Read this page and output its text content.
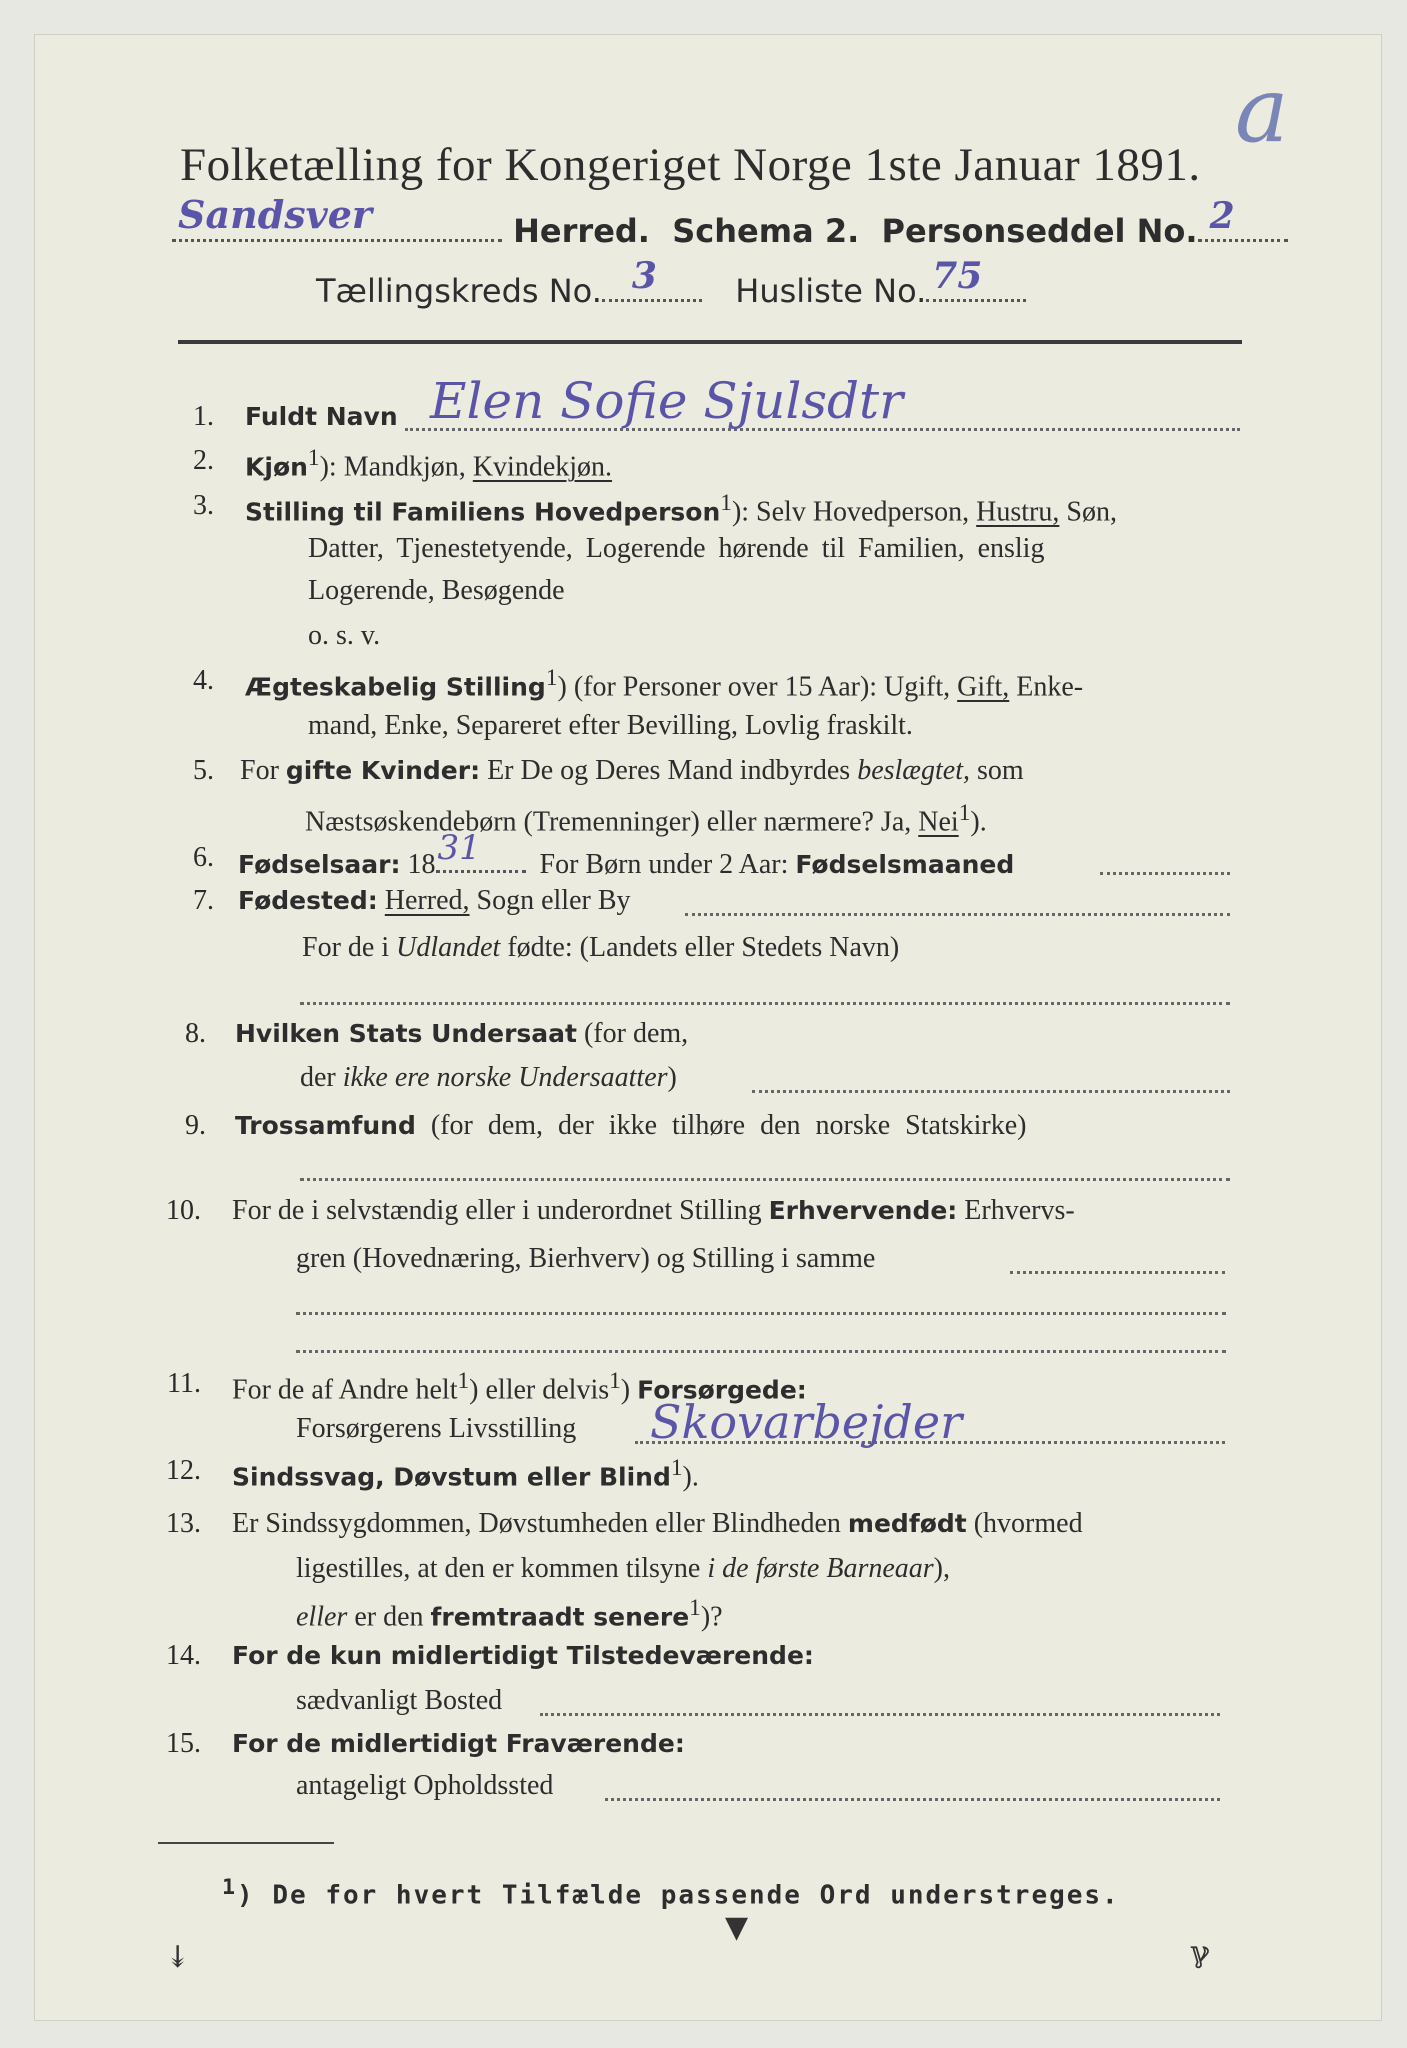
a
Folketælling for Kongeriget Norge 1ste Januar 1891.
Sandsver	Herred. Schema 2. Personseddel No. 2
Tællingskreds No. 3 Husliste No. 75
1. Fuldt Navn Elen Sofie Sjulsdtr
2. Kjøn$^1$): Mandkjøn, Kvindekjøn.
3. Stilling til Familiens Hovedperson$^1$): Selv Hovedperson, Hustru, Søn,
Datter, Tjenestetyende, Logerende hørende til Familien, enslig
Logerende, Besøgende
o. s. v.
4. Ægteskabelig Stilling$^1$) (for Personer over 15 Aar): Ugift, Gift, Enke-
mand, Enke, Separeret efter Bevilling, Lovlig fraskilt.
5. For gifte Kvinder: Er De og Deres Mand indbyrdes beslægtet, som
Næstsøskendebørn (Tremenninger) eller nærmere? Ja, Nei$^1$).
6. Fødselsaar: 18 31 For Børn under 2 Aar: Fødselsmaaned
7. Fødested: Herred, Sogn eller By
For de i Udlandet fødte: (Landets eller Stedets Navn)
8. Hvilken Stats Undersaat (for dem,
der ikke ere norske Undersaatter)
9. Trossamfund (for dem, der ikke tilhøre den norske Statskirke)
10. For de i selvstændig eller i underordnet Stilling Erhvervende: Erhvervs-
gren (Hovednæring, Bierhverv) og Stilling i samme
11. For de af Andre helt$^1$) eller delvis$^1$) Forsørgede:
Forsørgerens Livsstilling Skovarbejder
12. Sindssvag, Døvstum eller Blind$^1$).
13. Er Sindssygdommen, Døvstumheden eller Blindheden medfødt (hvormed
ligestilles, at den er kommen tilsyne i de første Barneaar),
eller er den fremtraadt senere$^1$)?
14. For de kun midlertidigt Tilstedeværende:
sædvanligt Bosted
15. For de midlertidigt Fraværende:
antageligt Opholdssted
$^1$) De for hvert Tilfælde passende Ord understreges.
↡
▼
ℽ
